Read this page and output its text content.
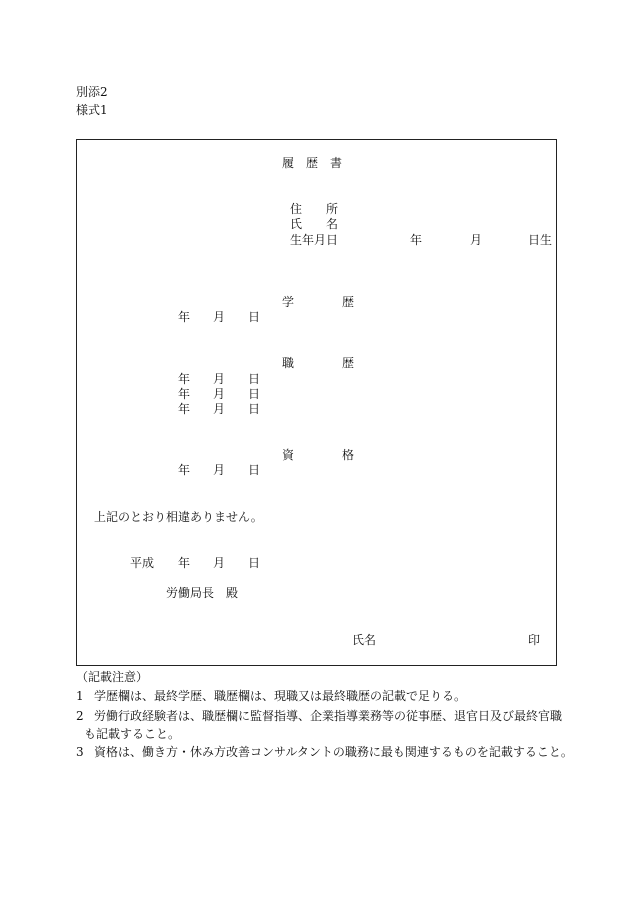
別添2
様式1
履 歴 書
住　　所
氏　　名
生年月日	年	月	日生
学　　　　歴
年 月 日
職　　　　歴
年 月 日
年 月 日
年 月 日
資　　　　格
年 月 日
上記のとおり相違ありません。
平成 年 月 日
労働局長　殿
氏名	印
（記載注意）
1 学歴欄は、最終学歴、職歴欄は、現職又は最終職歴の記載で足りる。
2 労働行政経験者は、職歴欄に監督指導、企業指導業務等の従事歴、退官日及び最終官職
も記載すること。
3 資格は、働き方・休み方改善コンサルタントの職務に最も関連するものを記載すること。
